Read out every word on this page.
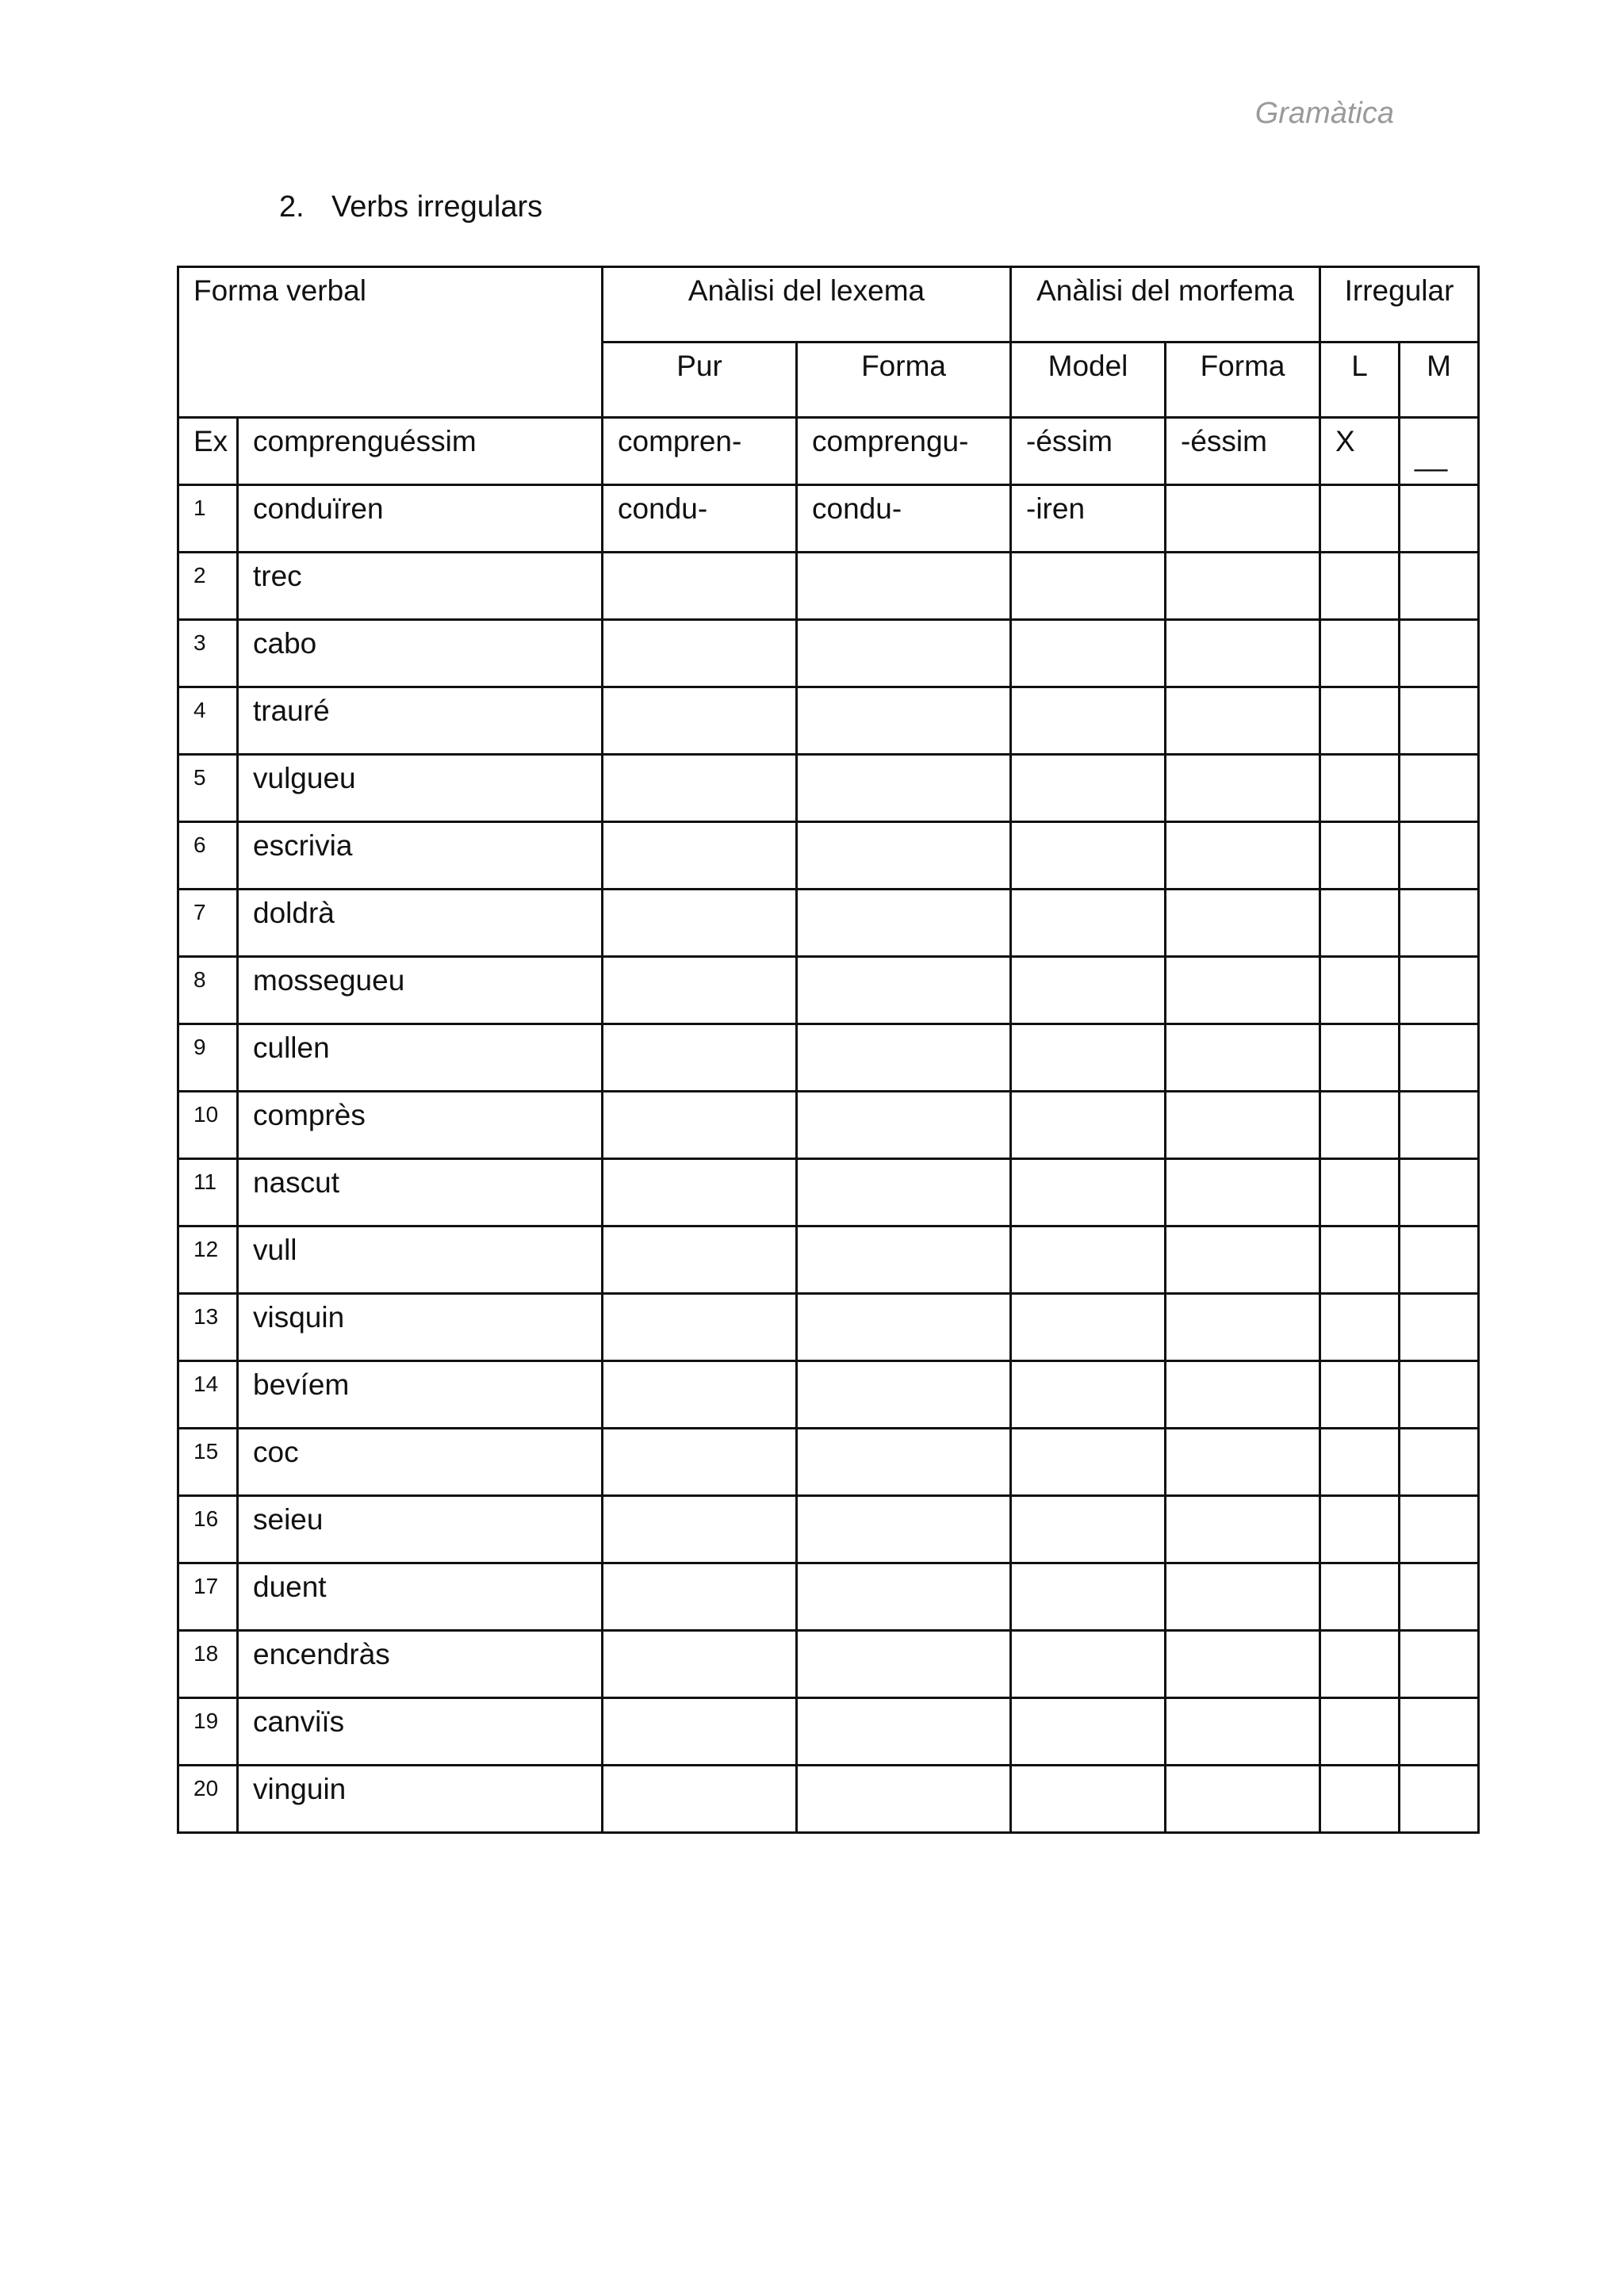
Gramàtica
2. Verbs irregulars
Forma verbal		Anàlisi del lexema		Anàlisi del morfema		Irregular	
		Pur	Forma	Model	Forma	L	M
Ex	comprenguéssim	compren-	comprengu-	-éssim	-éssim	X	__
1	conduïren	condu-	condu-	-iren			
2	trec						
3	cabo						
4	trauré						
5	vulgueu						
6	escrivia						
7	doldrà						
8	mossegueu						
9	cullen						
10	comprès						
11	nascut						
12	vull						
13	visquin						
14	bevíem						
15	coc						
16	seieu						
17	duent						
18	encendràs						
19	canviïs						
20	vinguin						
